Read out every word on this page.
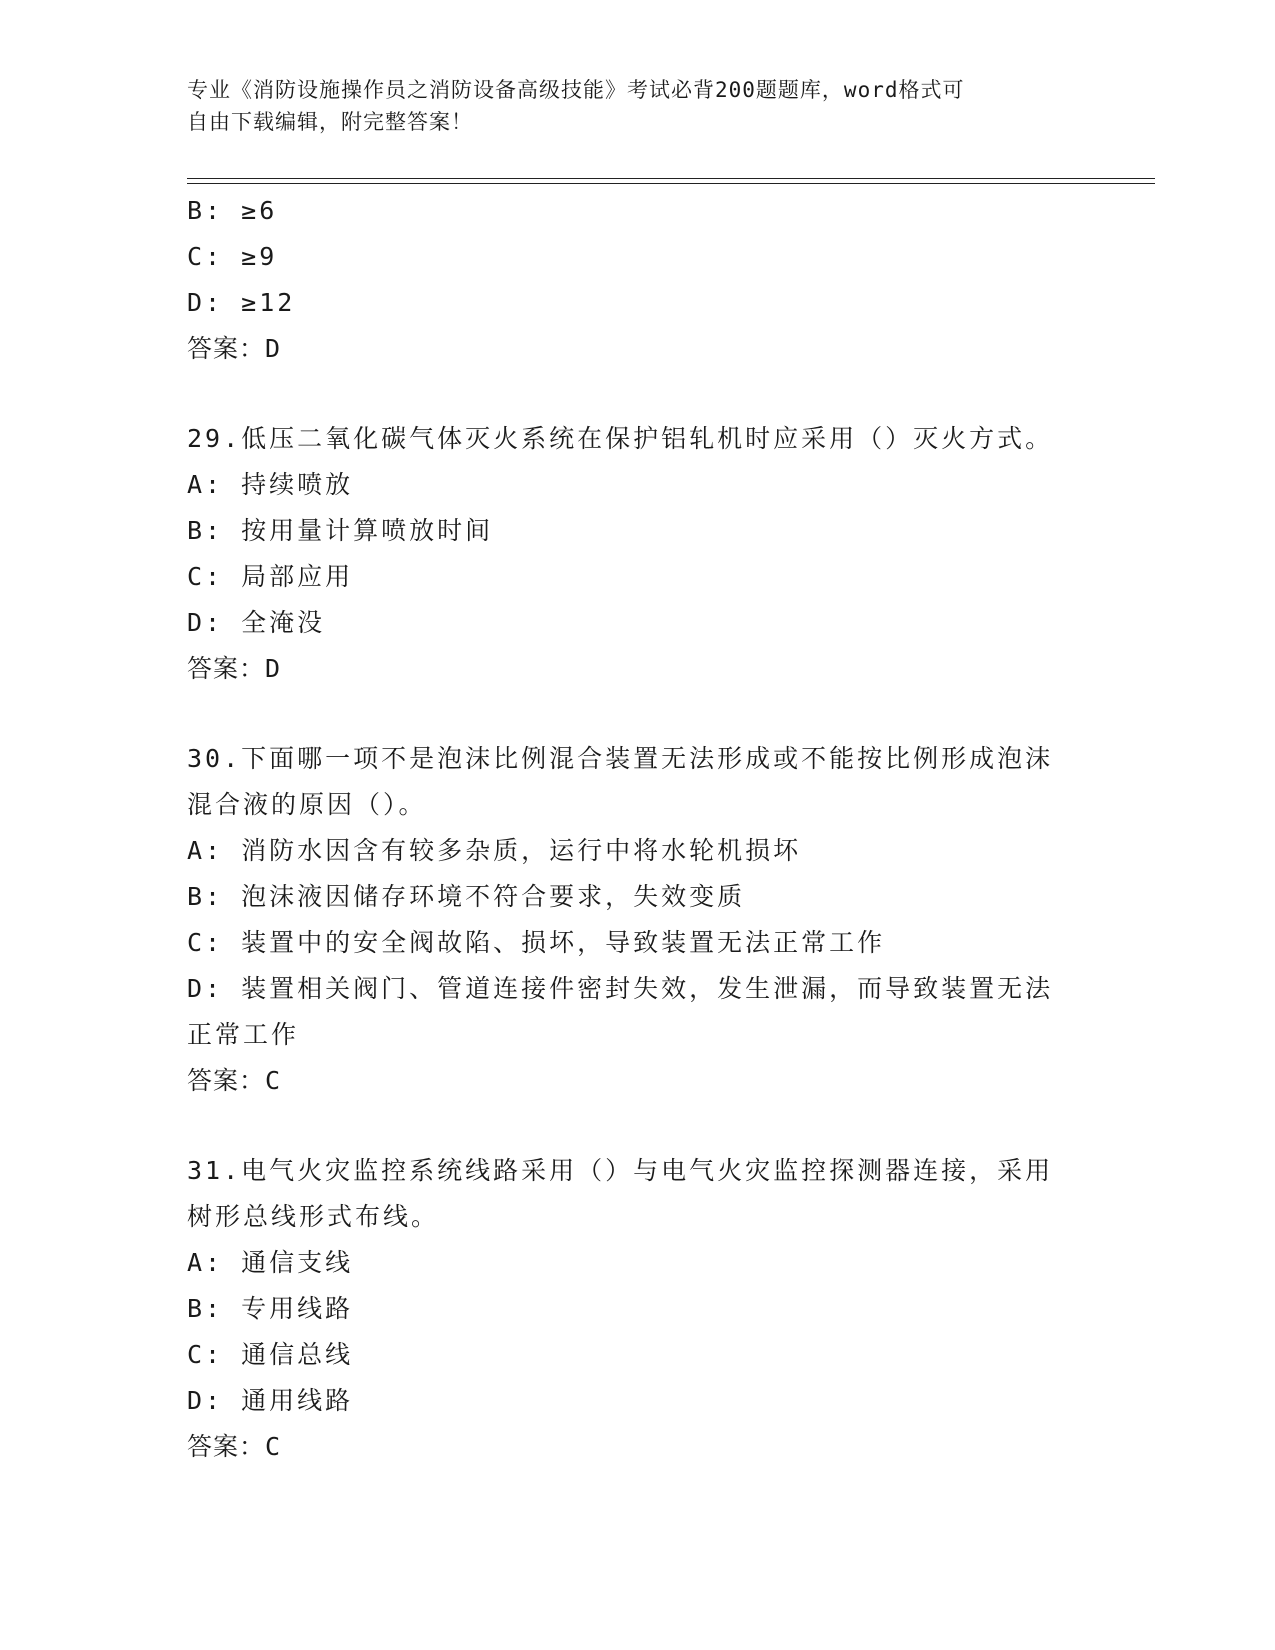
专业《消防设施操作员之消防设备高级技能》考试必背200题题库，word格式可
自由下载编辑，附完整答案！
B: ≥6
C: ≥9
D: ≥12
答案：D
29.低压二氧化碳气体灭火系统在保护铝轧机时应采用（）灭火方式。
A: 持续喷放
B: 按用量计算喷放时间
C: 局部应用
D: 全淹没
答案：D
30.下面哪一项不是泡沫比例混合装置无法形成或不能按比例形成泡沫
混合液的原因（）。
A: 消防水因含有较多杂质，运行中将水轮机损坏
B: 泡沫液因储存环境不符合要求，失效变质
C: 装置中的安全阀故陷、损坏，导致装置无法正常工作
D: 装置相关阀门、管道连接件密封失效，发生泄漏，而导致装置无法
正常工作
答案：C
31.电气火灾监控系统线路采用（）与电气火灾监控探测器连接，采用
树形总线形式布线。
A: 通信支线
B: 专用线路
C: 通信总线
D: 通用线路
答案：C
